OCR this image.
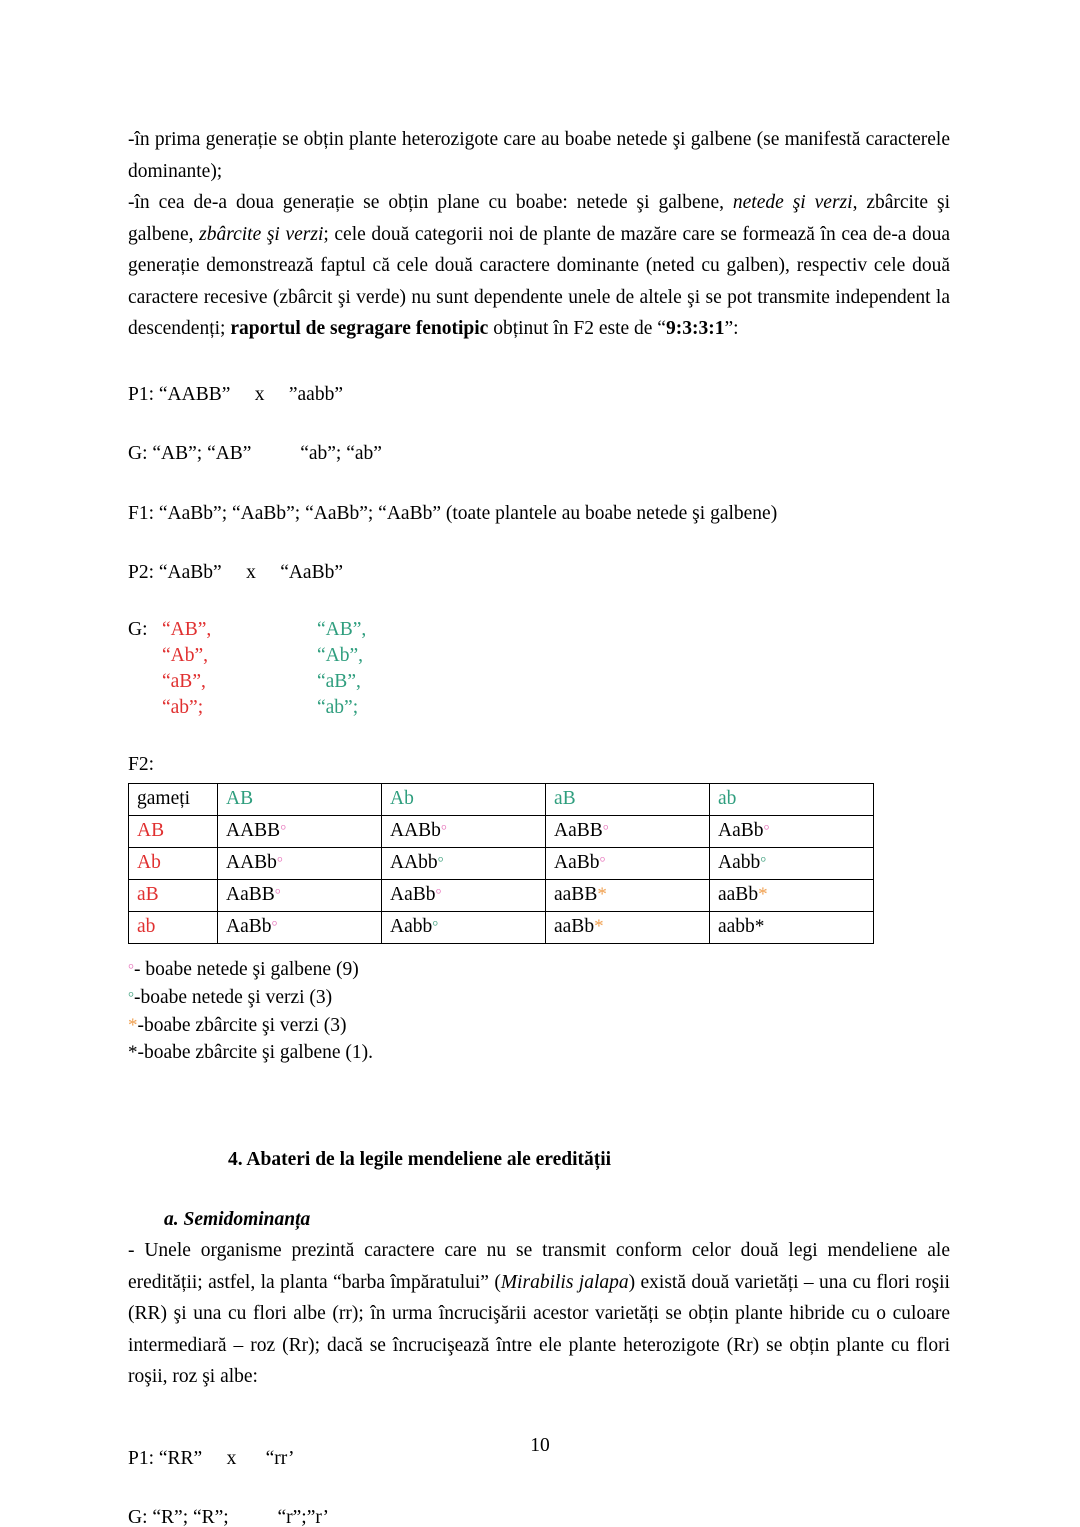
-în prima generație se obțin plante heterozigote care au boabe netede şi galbene (se manifestă caracterele dominante);

-în cea de-a doua generație se obțin plane cu boabe: netede şi galbene, netede şi verzi, zbârcite şi galbene, zbârcite şi verzi; cele două categorii noi de plante de mazăre care se formează în cea de-a doua generație demonstrează faptul că cele două caractere dominante (neted cu galben), respectiv cele două caractere recesive (zbârcit şi verde) nu sunt dependente unele de altele şi se pot transmite independent la descendenți; raportul de segragare fenotipic obținut în F2 este de “9:3:3:1”:

P1: “AABB”     x     ”aabb”

G: “AB”; “AB”          “ab”; “ab”

F1: “AaBb”; “AaBb”; “AaBb”; “AaBb” (toate plantele au boabe netede şi galbene)

P2: “AaBb”     x     “AaBb”

G: “AB”,	“AB”,
“Ab”,	“Ab”,
“aB”,	“aB”,
“ab”;	“ab”;

F2:

gameți	AB	Ab	aB	ab
AB	AABB°	AABb°	AaBB°	AaBb°
Ab	AABb°	AAbb°	AaBb°	Aabb°
aB	AaBB°	AaBb°	aaBB*	aaBb*
ab	AaBb°	Aabb°	aaBb*	aabb*
°- boabe netede şi galbene (9)
°-boabe netede şi verzi (3)
*-boabe zbârcite şi verzi (3)
*-boabe zbârcite şi galbene (1).
4. Abateri de la legile mendeliene ale eredității
a. Semidominanța

- Unele organisme prezintă caractere care nu se transmit conform celor două legi mendeliene ale eredității; astfel, la planta “barba împăratului” (Mirabilis jalapa) există două varietăți – una cu flori roşii (RR) şi una cu flori albe (rr); în urma încrucişării acestor varietăți se obțin plante hibride cu o culoare intermediară – roz (Rr); dacă se încrucişează între ele plante heterozigote (Rr) se obțin plante cu flori roşii, roz şi albe:

P1: “RR”     x      “rr’

G: “R”; “R”;          “r”;”r’

10
